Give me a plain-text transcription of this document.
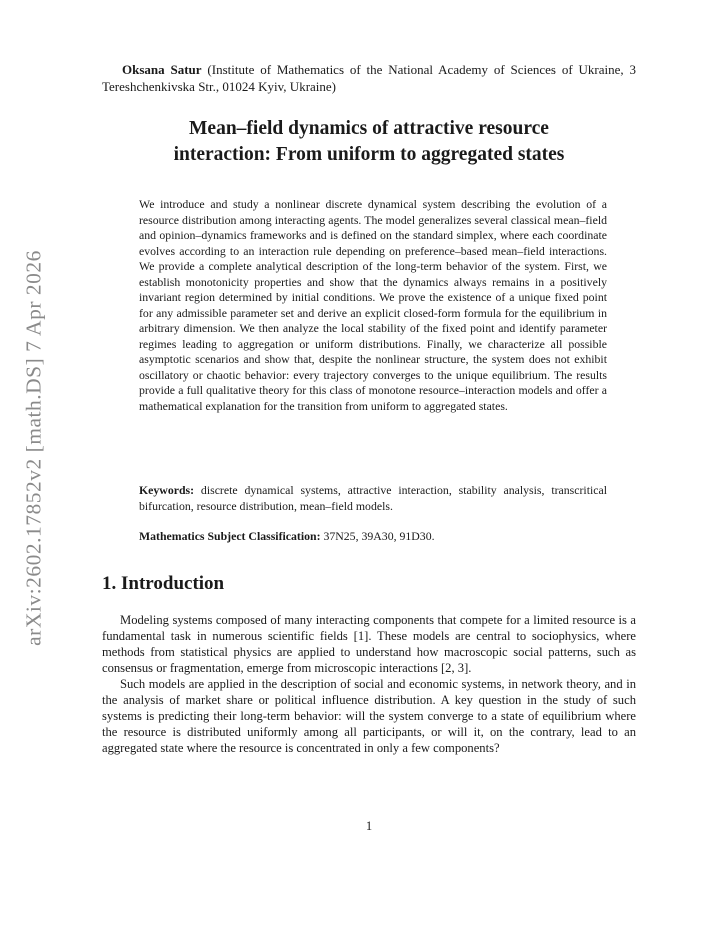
arXiv:2602.17852v2 [math.DS] 7 Apr 2026
Oksana Satur (Institute of Mathematics of the National Academy of Sciences of Ukraine, 3 Tereshchenkivska Str., 01024 Kyiv, Ukraine)
Mean–field dynamics of attractive resource
interaction: From uniform to aggregated states
We introduce and study a nonlinear discrete dynamical system describing the evolution of a resource distribution among interacting agents. The model generalizes several classical mean–field and opinion–dynamics frameworks and is defined on the standard simplex, where each coordinate evolves according to an interaction rule depending on preference–based mean–field interactions. We provide a complete analytical description of the long-term behavior of the system. First, we establish monotonicity properties and show that the dynamics always remains in a positively invariant region determined by initial conditions. We prove the existence of a unique fixed point for any admissible parameter set and derive an explicit closed-form formula for the equilibrium in arbitrary dimension. We then analyze the local stability of the fixed point and identify parameter regimes leading to aggregation or uniform distributions. Finally, we characterize all possible asymptotic scenarios and show that, despite the nonlinear structure, the system does not exhibit oscillatory or chaotic behavior: every trajectory converges to the unique equilibrium. The results provide a full qualitative theory for this class of monotone resource–interaction models and offer a mathematical explanation for the transition from uniform to aggregated states.
Keywords: discrete dynamical systems, attractive interaction, stability analysis, transcritical bifurcation, resource distribution, mean–field models.
Mathematics Subject Classification: 37N25, 39A30, 91D30.
1. Introduction

Modeling systems composed of many interacting components that compete for a limited resource is a fundamental task in numerous scientific fields [1]. These models are central to sociophysics, where methods from statistical physics are applied to understand how macroscopic social patterns, such as consensus or fragmentation, emerge from microscopic interactions [2, 3].

Such models are applied in the description of social and economic systems, in network theory, and in the analysis of market share or political influence distribution. A key question in the study of such systems is predicting their long-term behavior: will the system converge to a state of equilibrium where the resource is distributed uniformly among all participants, or will it, on the contrary, lead to an aggregated state where the resource is concentrated in only a few components?

1
